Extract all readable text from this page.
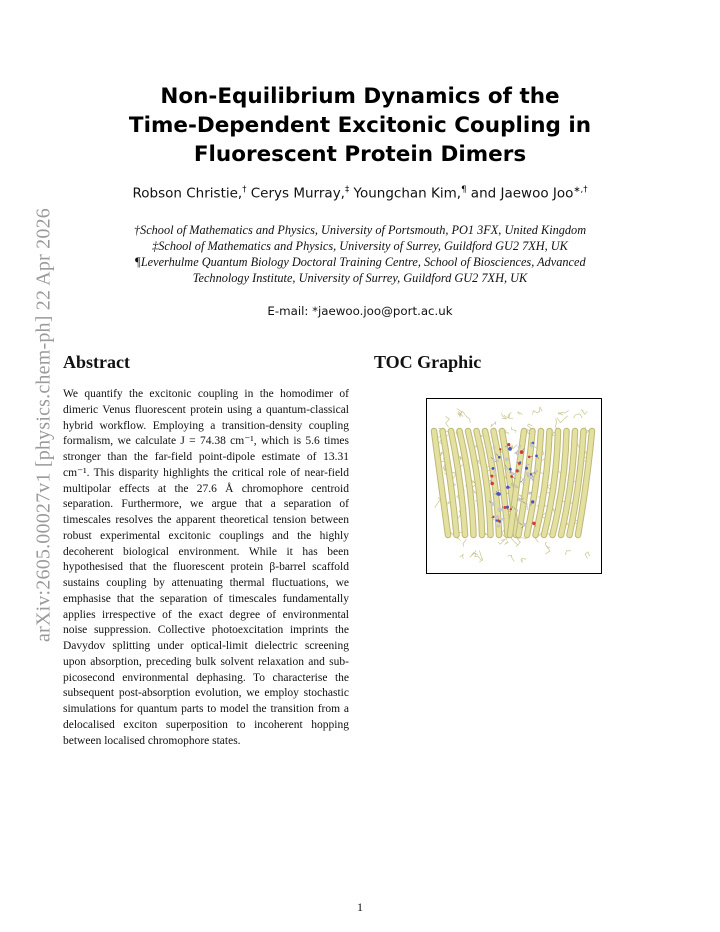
arXiv:2605.00027v1 [physics.chem-ph] 22 Apr 2026
Non-Equilibrium Dynamics of the
Time-Dependent Excitonic Coupling in
Fluorescent Protein Dimers
Robson Christie,† Cerys Murray,‡ Youngchan Kim,¶ and Jaewoo Joo∗,†
†School of Mathematics and Physics, University of Portsmouth, PO1 3FX, United Kingdom
‡School of Mathematics and Physics, University of Surrey, Guildford GU2 7XH, UK
¶Leverhulme Quantum Biology Doctoral Training Centre, School of Biosciences, Advanced
Technology Institute, University of Surrey, Guildford GU2 7XH, UK
E-mail: *jaewoo.joo@port.ac.uk
Abstract	TOC Graphic
We quantify the excitonic coupling in the homodimer of dimeric Venus fluorescent protein using a quantum-classical hybrid workflow. Employing a transition-density coupling formalism, we calculate J = 74.38 cm⁻¹, which is 5.6 times stronger than the far-field point-dipole estimate of 13.31 cm⁻¹. This disparity highlights the critical role of near-field multipolar effects at the 27.6 Å chromophore centroid separation. Furthermore, we argue that a separation of timescales resolves the apparent theoretical tension between robust experimental excitonic couplings and the highly decoherent biological environment. While it has been hypothesised that the fluorescent protein β-barrel scaffold sustains coupling by attenuating thermal fluctuations, we emphasise that the separation of timescales fundamentally applies irrespective of the exact degree of environmental noise suppression. Collective photoexcitation imprints the Davydov splitting under optical-limit dielectric screening upon absorption, preceding bulk solvent relaxation and sub-picosecond environmental dephasing. To characterise the subsequent post-absorption evolution, we employ stochastic simulations for quantum parts to model the transition from a delocalised exciton superposition to incoherent hopping between localised chromophore states.
1
